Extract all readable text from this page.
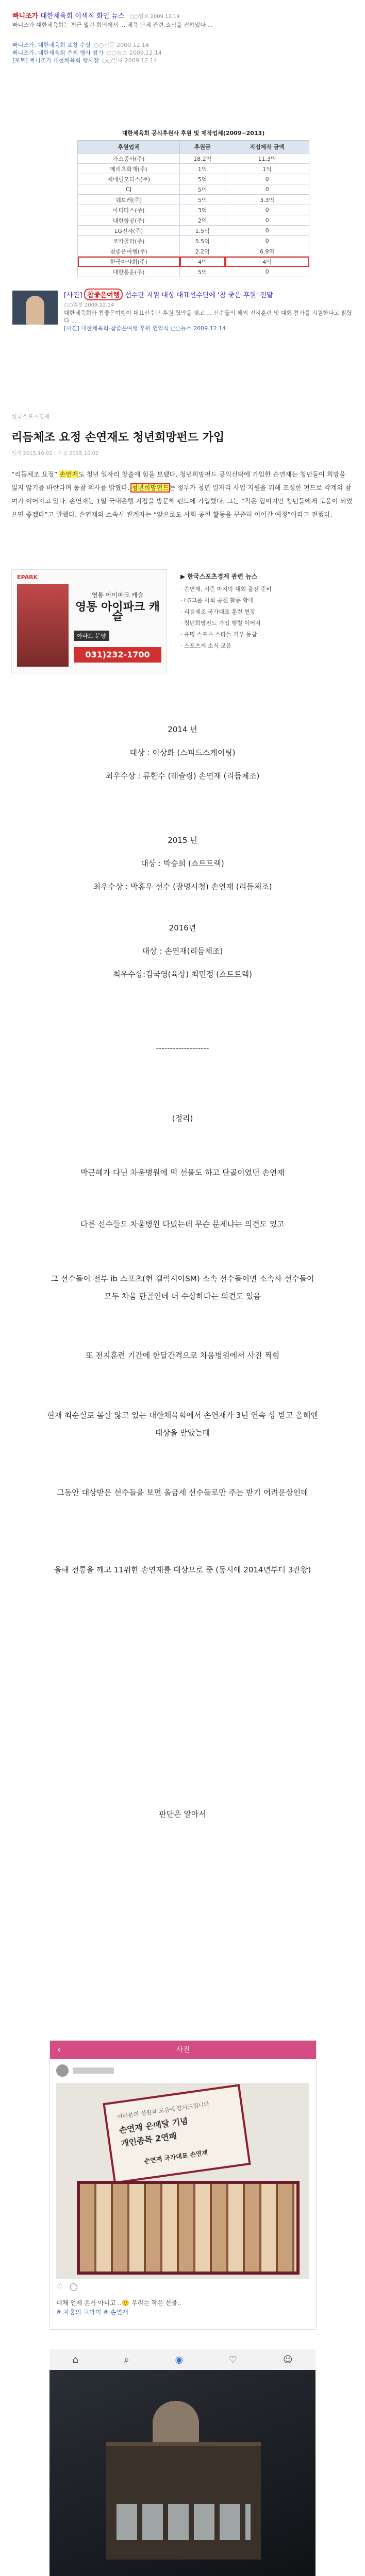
빠니조가 대한체육회 이색적 화인 뉴스 ○○일보 2009.12.14
빠니조가 대한체육회는 최근 열린 회의에서 ... 체육 단체 관련 소식을 전하였다 ...
빠니조가, 대한체육회 표창 수상 ○○신문 2009.12.14
빠니조가, 대한체육회 주최 행사 참가 ○○뉴스 2009.12.14
[포토] 빠니조가 대한체육회 행사장 ○○일보 2009.12.14
대한체육회 공식후원사 후원 및 제작업체(2009~2013)
후원업체	후원금	직접제작 금액
가스공사(주)	18.2억	11.3억
메리츠화재(주)	1억	1억
제네럴모터스(주)	5억	0
CJ	5억	0
쉐보레(주)	5억	3.3억
아디다스(주)	3억	0
대한항공(주)	2억	0
LG전자(주)	1.5억	0
코카콜라(주)	5.5억	0
참좋은여행(주)	2.2억	6.9억
한국마사회(주)	4억	4억
대한통운(주)	5억	0
[사진] 참좋은여행 선수단 지원 대상 대표선수단에 '참 좋은 후원' 전달
○○일보 2009.12.14
대한체육회와 참좋은여행이 대표선수단 후원 협약을 맺고 ... 선수들의 해외 전지훈련 및 대회 참가를 지원한다고 밝혔다 ...
[사진] 대한체육회-참좋은여행 후원 협약식 ○○뉴스 2009.12.14
한국스포츠경제
리듬체조 요정 손연재도 청년희망펀드 가입
입력 2015.10.02 | 수정 2015.10.02
“리듬체조 요정” 손연재도 청년 일자리 창출에 힘을 보탰다. 청년희망펀드 공익신탁에 가입한 손연재는 청년들이 희망을 잃지 않기를 바란다며 동참 의사를 밝혔다. 청년희망펀드는 정부가 청년 일자리 사업 지원을 위해 조성한 펀드로 각계의 참여가 이어지고 있다. 손연재는 1일 국내은행 지점을 방문해 펀드에 가입했다. 그는 “작은 힘이지만 청년들에게 도움이 되었으면 좋겠다”고 말했다. 손연재의 소속사 관계자는 “앞으로도 사회 공헌 활동을 꾸준히 이어갈 예정”이라고 전했다.
EPARK
영통 아이파크 캐슬
영통 아이파크 캐슬
아파트 분양
031)232-1700
▶ 한국스포츠경제 관련 뉴스
· 손연재, 시즌 마지막 대회 출전 준비
· LG그룹 사회 공헌 활동 확대
· 리듬체조 국가대표 훈련 현장
· 청년희망펀드 가입 행렬 이어져
· 유명 스포츠 스타들 기부 동참
· 스포츠계 소식 모음
2014 년
대상 : 이상화 (스피드스케이팅)
최우수상 : 류한수 (레슬링) 손연재 (리듬체조)
2015 년
대상 : 박승희 (쇼트트랙)
최우수상 : 박홍우 선수 (광명시청) 손연재 (리듬체조)
2016년
대상 : 손연재(리듬체조)
최우수상:김국영(육상) 최민정 (쇼트트랙)
-------------------
(정리)
박근혜가 다닌 차움병원에 떡 선물도 하고 단골이였던 손연재
다른 선수들도 차움병원 다녔는데 무슨 문제냐는 의견도 있고
그 선수들이 전부 ib 스포츠(현 갤럭시아SM) 소속 선수들이면 소속사 선수들이 모두 차움 단골인데 더 수상하다는 의견도 있음
또 전지훈련 기간에 한달간격으로 차움병원에서 사진 찍힘
현재 최순실로 몸살 앓고 있는 대한체육회에서 손연재가 3년 연속 상 받고 올해엔 대상을 받았는데
그동안 대상받은 선수들을 보면 올금세 선수들로만 주는 받기 어려운상인데
올해 전통을 깨고 11위한 손연재를 대상으로 줌 (동시에 2014년부터 3관왕)
판단은 알아서
‹	사진
여러분의 성원과 도움에 감사드립니다
손연재 은메달 기념
개인종목 2연패
손연재 국가대표 손연재
♡ ◯
대체 언제 온거 아니고 ..🙂 우리는 작은 선물..
# 차움의 고마미 # 손연재
⌂	⌕	◉	♡	☺
